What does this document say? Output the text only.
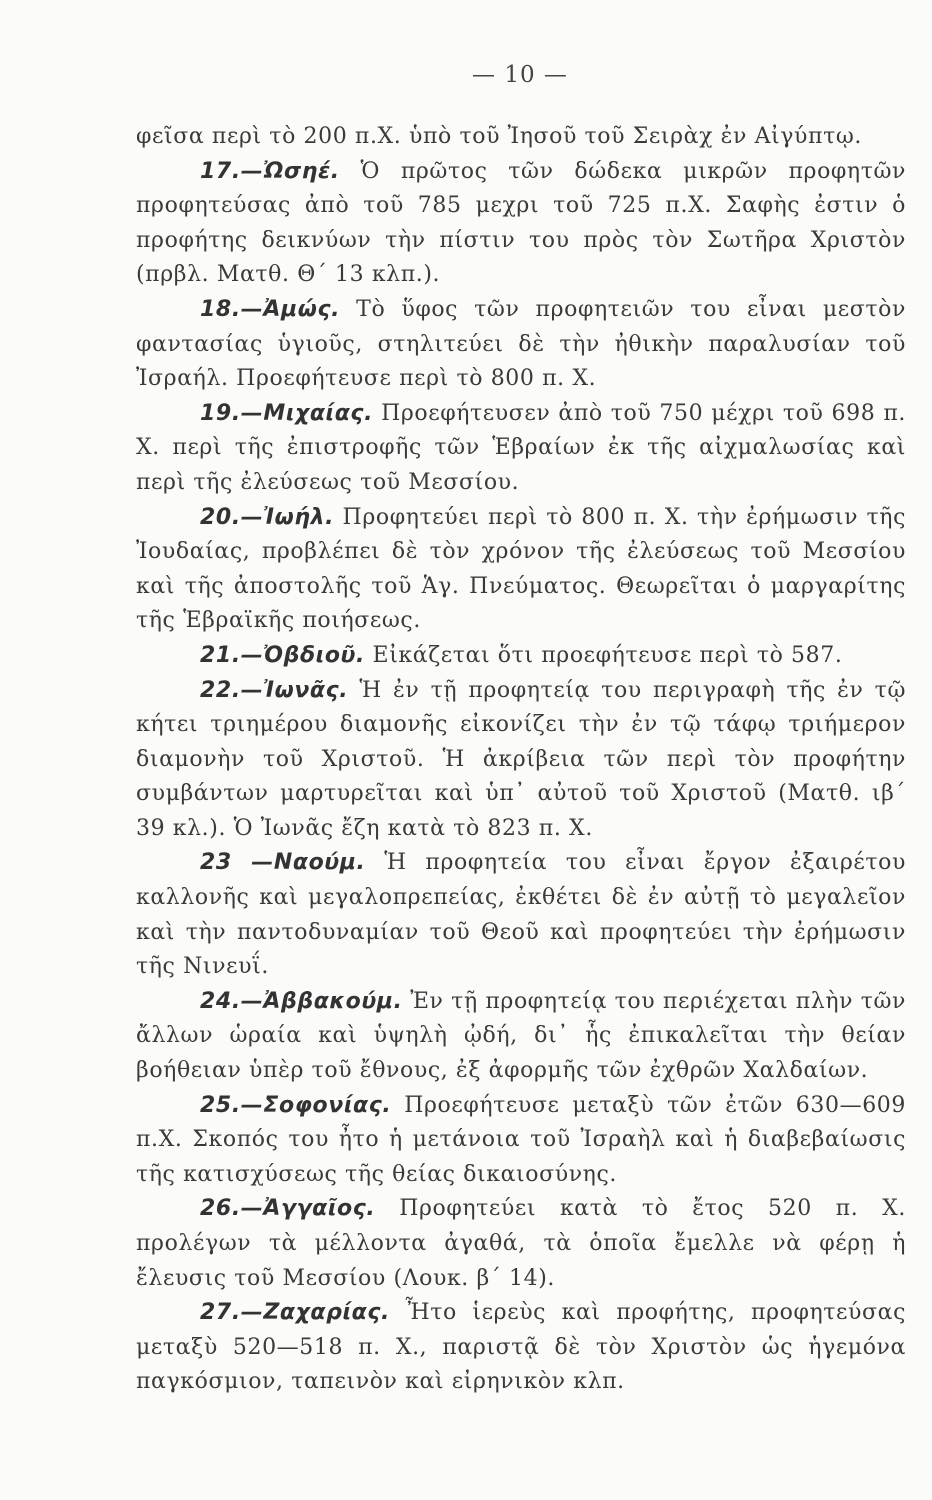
— 10 —

φεῖσα περὶ τὸ 200 π.Χ. ὑπὸ τοῦ Ἰησοῦ τοῦ Σειρὰχ ἐν Αἰγύπτῳ.

17.—Ὠσηέ. Ὁ πρῶτος τῶν δώδεκα μικρῶν προφητῶν προφητεύσας ἀπὸ τοῦ 785 μεχρι τοῦ 725 π.Χ. Σαφὴς ἐστιν ὁ προφήτης δεικνύων τὴν πίστιν του πρὸς τὸν Σωτῆρα Χριστὸν (πρβλ. Ματθ. Θ΄ 13 κλπ.).

18.—Ἀμώς. Τὸ ὕφος τῶν προφητειῶν του εἶναι μεστὸν φαντασίας ὑγιοῦς, στηλιτεύει δὲ τὴν ἠθικὴν παραλυσίαν τοῦ Ἰσραήλ. Προεφήτευσε περὶ τὸ 800 π. Χ.

19.—Μιχαίας. Προεφήτευσεν ἀπὸ τοῦ 750 μέχρι τοῦ 698 π. Χ. περὶ τῆς ἐπιστροφῆς τῶν Ἑβραίων ἐκ τῆς αἰχμαλωσίας καὶ περὶ τῆς ἐλεύσεως τοῦ Μεσσίου.

20.—Ἰωήλ. Προφητεύει περὶ τὸ 800 π. Χ. τὴν ἐρήμωσιν τῆς Ἰουδαίας, προβλέπει δὲ τὸν χρόνον τῆς ἐλεύσεως τοῦ Μεσσίου καὶ τῆς ἀποστολῆς τοῦ Ἁγ. Πνεύματος. Θεωρεῖται ὁ μαργαρίτης τῆς Ἑβραϊκῆς ποιήσεως.

21.—Ὀβδιοῦ. Εἰκάζεται ὅτι προεφήτευσε περὶ τὸ 587.

22.—Ἰωνᾶς. Ἡ ἐν τῇ προφητείᾳ του περιγραφὴ τῆς ἐν τῷ κήτει τριημέρου διαμονῆς εἰκονίζει τὴν ἐν τῷ τάφῳ τριήμερον διαμονὴν τοῦ Χριστοῦ. Ἡ ἀκρίβεια τῶν περὶ τὸν προφήτην συμβάντων μαρτυρεῖται καὶ ὑπ᾽ αὐτοῦ τοῦ Χριστοῦ (Ματθ. ιβ΄ 39 κλ.). Ὁ Ἰωνᾶς ἔζη κατὰ τὸ 823 π. Χ.

23 —Ναούμ. Ἡ προφητεία του εἶναι ἔργον ἐξαιρέτου καλλονῆς καὶ μεγαλοπρεπείας, ἐκθέτει δὲ ἐν αὐτῇ τὸ μεγαλεῖον καὶ τὴν παντοδυναμίαν τοῦ Θεοῦ καὶ προφητεύει τὴν ἐρήμωσιν τῆς Νινευΐ.

24.—Ἀββακούμ. Ἐν τῇ προφητείᾳ του περιέχεται πλὴν τῶν ἄλλων ὡραία καὶ ὑψηλὴ ᾠδή, δι᾽ ἧς ἐπικαλεῖται τὴν θείαν βοήθειαν ὑπὲρ τοῦ ἔθνους, ἐξ ἀφορμῆς τῶν ἐχθρῶν Χαλδαίων.

25.—Σοφονίας. Προεφήτευσε μεταξὺ τῶν ἐτῶν 630—609 π.Χ. Σκοπός του ἦτο ἡ μετάνοια τοῦ Ἰσραὴλ καὶ ἡ διαβεβαίωσις τῆς κατισχύσεως τῆς θείας δικαιοσύνης.

26.—Ἀγγαῖος. Προφητεύει κατὰ τὸ ἔτος 520 π. Χ. προλέγων τὰ μέλλοντα ἀγαθά, τὰ ὁποῖα ἔμελλε νὰ φέρῃ ἡ ἔλευσις τοῦ Μεσσίου (Λουκ. β΄ 14).

27.—Ζαχαρίας. Ἦτο ἱερεὺς καὶ προφήτης, προφητεύσας μεταξὺ 520—518 π. Χ., παριστᾷ δὲ τὸν Χριστὸν ὡς ἡγεμόνα παγκόσμιον, ταπεινὸν καὶ εἰρηνικὸν κλπ.
